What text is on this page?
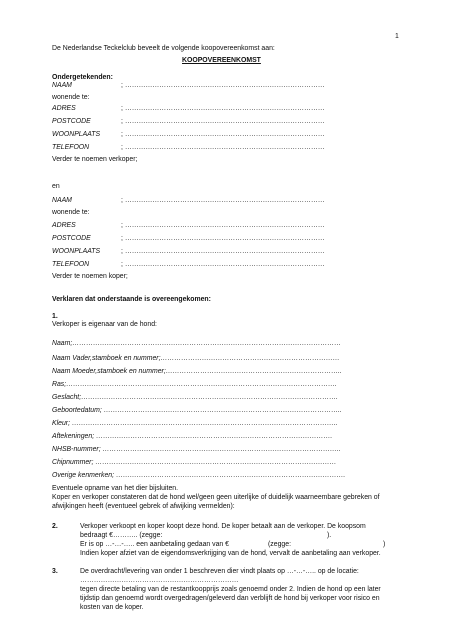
1
De Nederlandse Teckelclub beveelt de volgende koopovereenkomst aan:
KOOPOVEREENKOMST
Ondergetekenden:
NAAM	; ……………………………………………………………………………
wonende te:
ADRES	; ……………………………………………………………………………
POSTCODE	; ……………………………………………………………………………
WOONPLAATS	; ……………………………………………………………………………
TELEFOON	; ……………………………………………………………………………
Verder te noemen verkoper;
en
NAAM	; ……………………………………………………………………………
wonende te:
ADRES	; ……………………………………………………………………………
POSTCODE	; ……………………………………………………………………………
WOONPLAATS	; ……………………………………………………………………………
TELEFOON	; ……………………………………………………………………………
Verder te noemen koper;
Verklaren dat onderstaande is overeengekomen:
1.
Verkoper is eigenaar van de hond:
Naam;………………………………………………………………………………………………………
Naam Vader,stamboek en nummer;……………………………………………………………………
Naam Moeder,stamboek en nummer;…………………………………………………………………..
Ras;……………………………………………………………………………………………………….
Geslacht;………………………………………………………………………………………………….
Geboortedatum; …………………………………………………………………………………………..
Kleur; ……………………………………………………………………………………………………..
Aftekeningen; ………………………………………………………………………………………….
NHSB-nummer; …………………………………………………………………………………………..
Chipnummer; ……………………………………………………………………………………………
Overige kenmerken; ……………………………………………………………………………………….
Eventuele opname van het dier bijsluiten.
Koper en verkoper constateren dat de hond wel/geen geen uiterlijke of duidelijk waarneembare gebreken of afwijkingen heeft (eventueel gebrek of afwijking vermelden):
2.	Verkoper verkoopt en koper koopt deze hond. De koper betaalt aan de verkoper. De koopsom
bedraagt €……….. (zegge:	).
Er is op …-…-….. een aanbetaling gedaan van €	(zegge:	)
Indien koper afziet van de eigendomsverkrijging van de hond, vervalt de aanbetaling aan verkoper.
3.	De overdracht/levering van onder 1 beschreven dier vindt plaats op …-…-….. op de locatie:
……………………………………………………………
tegen directe betaling van de restantkoopprijs zoals genoemd onder 2. Indien de hond op een later
tijdstip dan genoemd wordt overgedragen/geleverd dan verblijft de hond bij verkoper voor risico en
kosten van de koper.
